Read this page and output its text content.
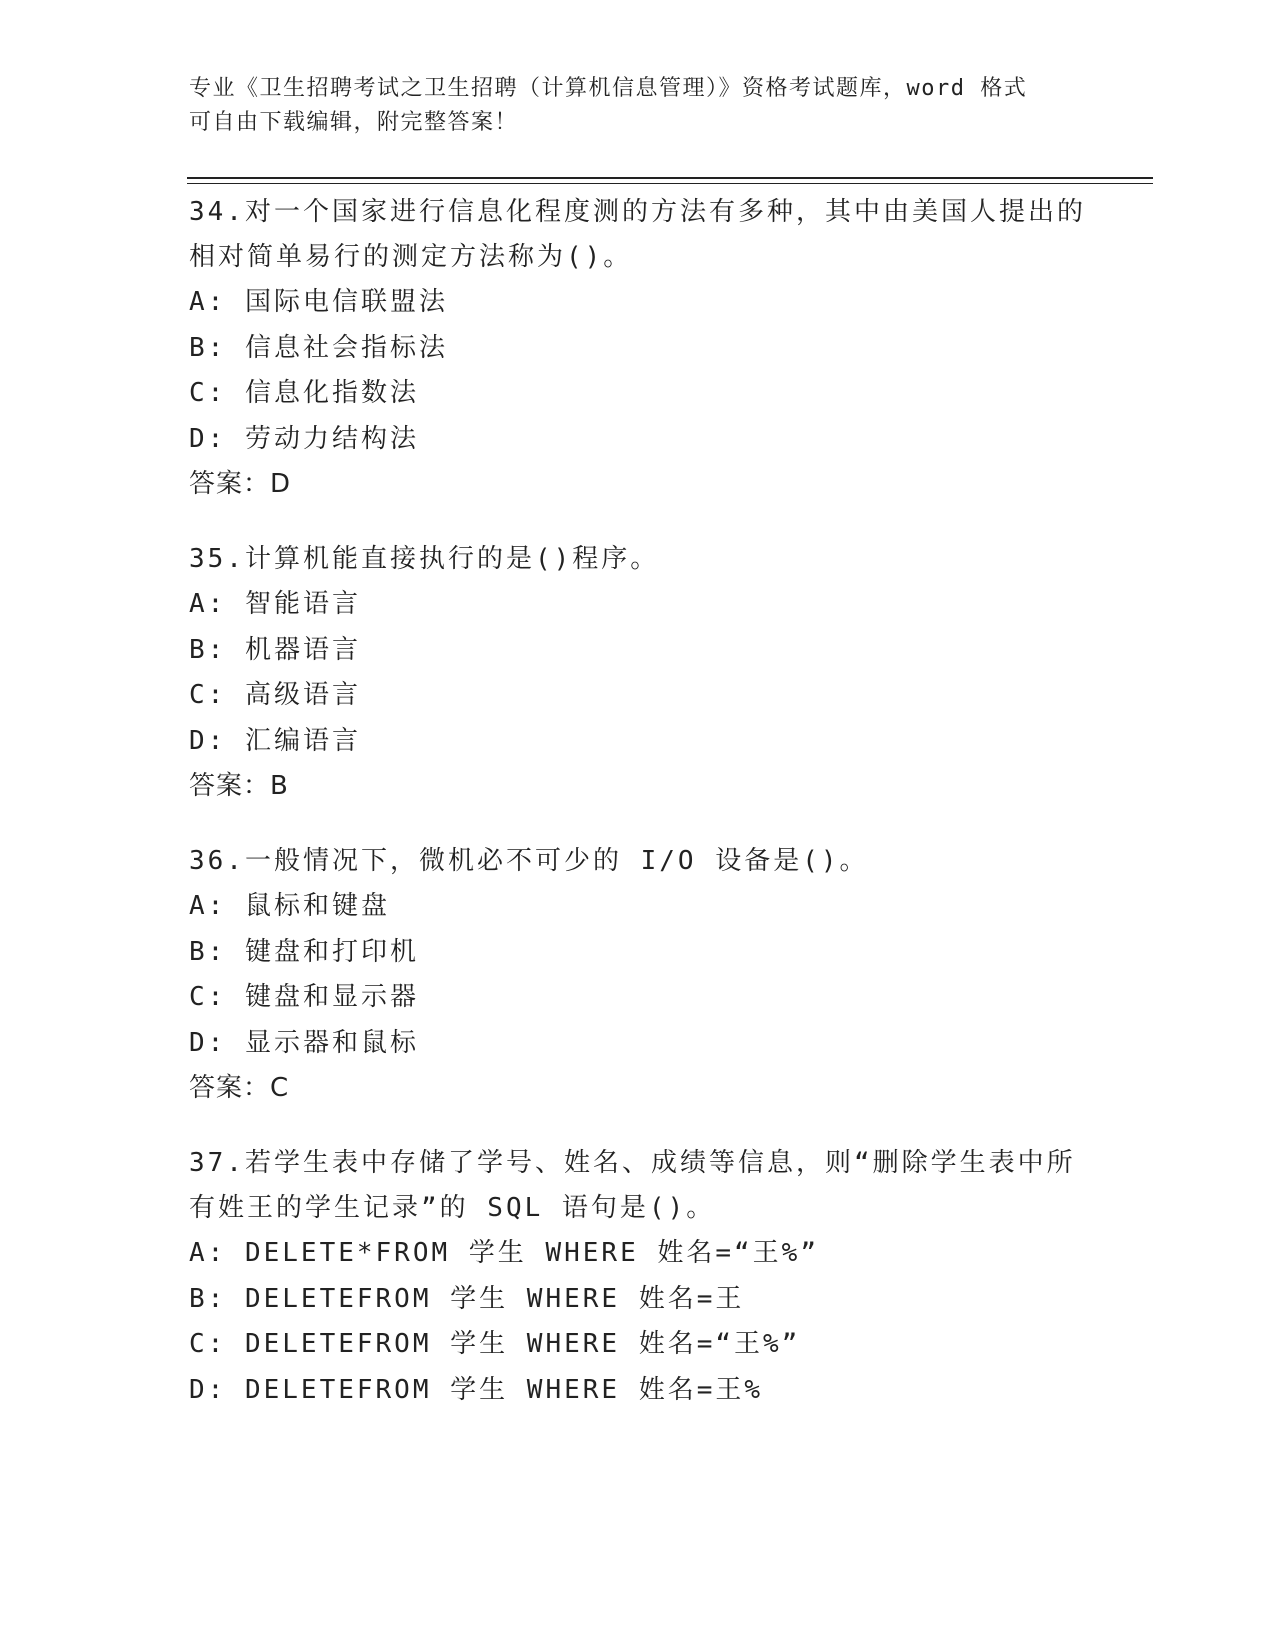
专业《卫生招聘考试之卫生招聘（计算机信息管理）》资格考试题库，word 格式
可自由下载编辑，附完整答案！
34.对一个国家进行信息化程度测的方法有多种，其中由美国人提出的
相对简单易行的测定方法称为()。
A: 国际电信联盟法
B: 信息社会指标法
C: 信息化指数法
D: 劳动力结构法
答案：D
35.计算机能直接执行的是()程序。
A: 智能语言
B: 机器语言
C: 高级语言
D: 汇编语言
答案：B
36.一般情况下，微机必不可少的 I/O 设备是()。
A: 鼠标和键盘
B: 键盘和打印机
C: 键盘和显示器
D: 显示器和鼠标
答案：C
37.若学生表中存储了学号、姓名、成绩等信息，则“删除学生表中所
有姓王的学生记录”的 SQL 语句是()。
A: DELETE*FROM 学生 WHERE 姓名=“王%”
B: DELETEFROM 学生 WHERE 姓名=王
C: DELETEFROM 学生 WHERE 姓名=“王%”
D: DELETEFROM 学生 WHERE 姓名=王%
